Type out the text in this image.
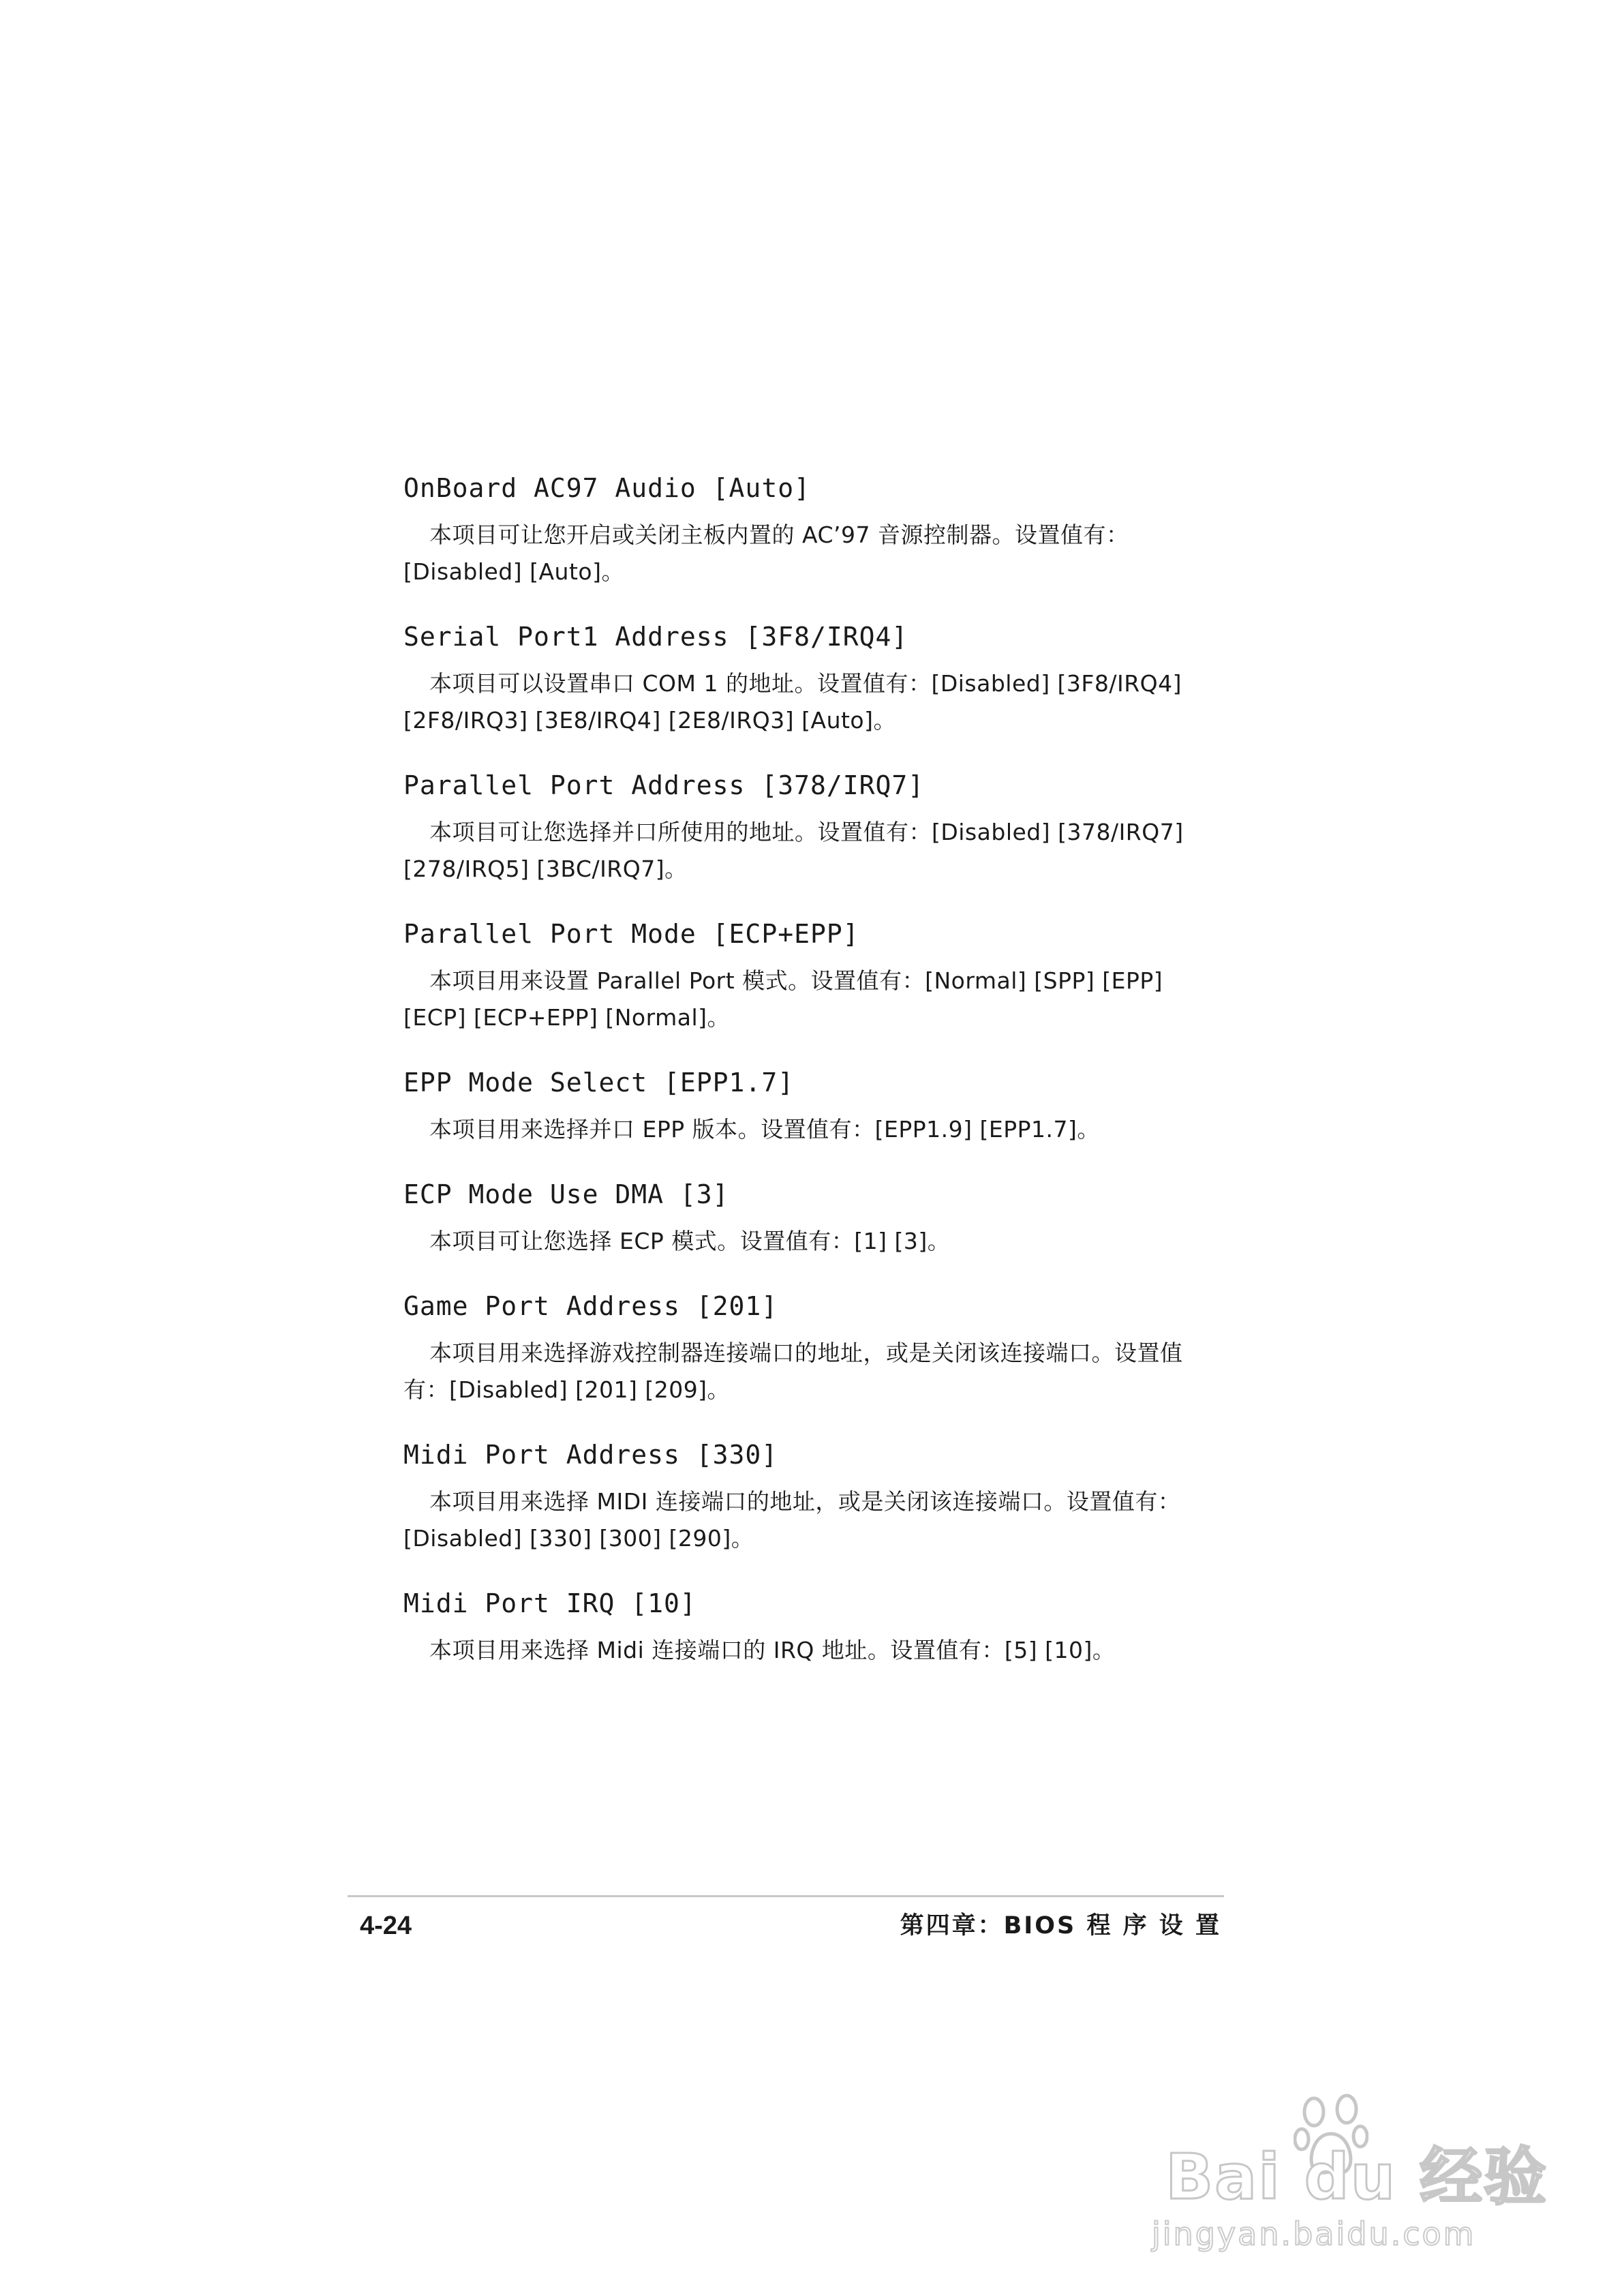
OnBoard AC97 Audio [Auto]

本项目可让您开启或关闭主板内置的 AC’97 音源控制器。设置值有：[Disabled] [Auto]。

Serial Port1 Address [3F8/IRQ4]

本项目可以设置串口 COM 1 的地址。设置值有：[Disabled] [3F8/IRQ4] [2F8/IRQ3] [3E8/IRQ4] [2E8/IRQ3] [Auto]。

Parallel Port Address [378/IRQ7]

本项目可让您选择并口所使用的地址。设置值有：[Disabled] [378/IRQ7] [278/IRQ5] [3BC/IRQ7]。

Parallel Port Mode [ECP+EPP]

本项目用来设置 Parallel Port 模式。设置值有：[Normal] [SPP] [EPP] [ECP] [ECP+EPP] [Normal]。

EPP Mode Select [EPP1.7]

本项目用来选择并口 EPP 版本。设置值有：[EPP1.9] [EPP1.7]。

ECP Mode Use DMA [3]

本项目可让您选择 ECP 模式。设置值有：[1] [3]。

Game Port Address [201]

本项目用来选择游戏控制器连接端口的地址，或是关闭该连接端口。设置值有：[Disabled] [201] [209]。

Midi Port Address [330]

本项目用来选择 MIDI 连接端口的地址，或是关闭该连接端口。设置值有：[Disabled] [330] [300] [290]。

Midi Port IRQ [10]

本项目用来选择 Midi 连接端口的 IRQ 地址。设置值有：[5] [10]。

4-24	第四章：BIOS 程 序 设 置
Bai du 经验
jingyan.baidu.com
